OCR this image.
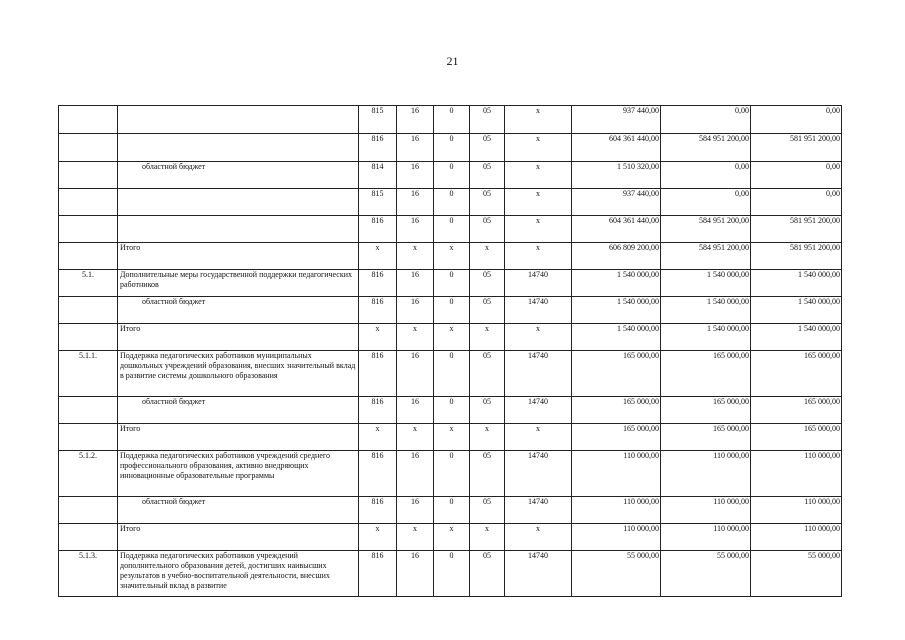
21
		815	16	0	05	x	937 440,00	0,00	0,00
		816	16	0	05	x	604 361 440,00	584 951 200,00	581 951 200,00
	областной бюджет	814	16	0	05	x	1 510 320,00	0,00	0,00
		815	16	0	05	x	937 440,00	0,00	0,00
		816	16	0	05	x	604 361 440,00	584 951 200,00	581 951 200,00
	Итого	x	x	x	x	x	606 809 200,00	584 951 200,00	581 951 200,00
5.1.	Дополнительные меры государственной поддержки педагогических работников	816	16	0	05	14740	1 540 000,00	1 540 000,00	1 540 000,00
	областной бюджет	816	16	0	05	14740	1 540 000,00	1 540 000,00	1 540 000,00
	Итого	x	x	x	x	x	1 540 000,00	1 540 000,00	1 540 000,00
5.1.1.	Поддержка педагогических работников муниципальных дошкольных учреждений образования, внесших значительный вклад в развитие системы дошкольного образования	816	16	0	05	14740	165 000,00	165 000,00	165 000,00
	областной бюджет	816	16	0	05	14740	165 000,00	165 000,00	165 000,00
	Итого	x	x	x	x	x	165 000,00	165 000,00	165 000,00
5.1.2.	Поддержка педагогических работников учреждений среднего профессионального образования, активно внедряющих инновационные образовательные программы	816	16	0	05	14740	110 000,00	110 000,00	110 000,00
	областной бюджет	816	16	0	05	14740	110 000,00	110 000,00	110 000,00
	Итого	x	x	x	x	x	110 000,00	110 000,00	110 000,00
5.1.3.	Поддержка педагогических работников учреждений дополнительного образования детей, достигших наивысших результатов в учебно-воспитательной деятельности, внесших значительный вклад в развитие	816	16	0	05	14740	55 000,00	55 000,00	55 000,00
